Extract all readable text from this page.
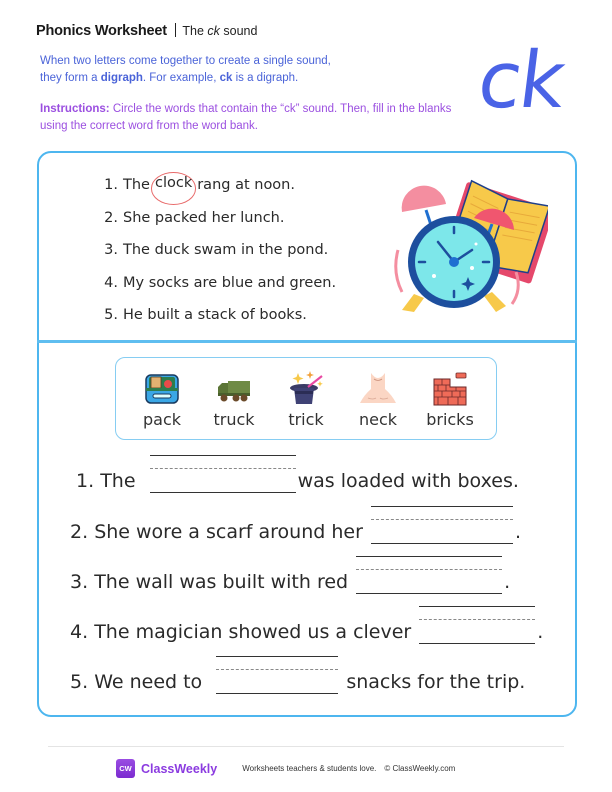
Phonics Worksheet The ck sound
When two letters come together to create a single sound,
they form a digraph. For example, ck is a digraph.
Instructions: Circle the words that contain the “ck” sound. Then, fill in the blanks using the correct word from the word bank.	ck
1. The clock rang at noon.
2. She packed her lunch.
3. The duck swam in the pond.
4. My socks are blue and green.
5. He built a stack of books.
pack truck trick neck bricks
1.
The
	was loaded with boxes.
2.
She wore a scarf around her
	.
3.
The wall was built with red
	.
4.
The magician showed us a clever
	.
5.
We need to

	snacks for the trip.
CW ClassWeekly	Worksheets teachers & students love. © ClassWeekly.com
